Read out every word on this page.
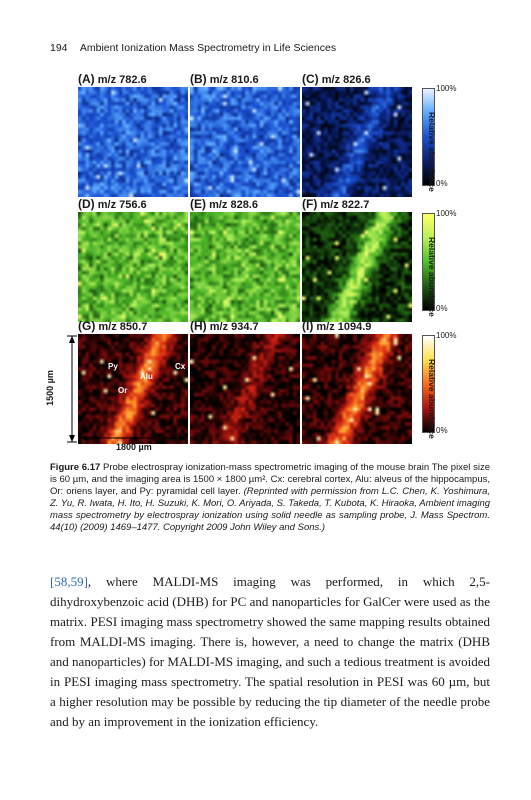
194 Ambient Ionization Mass Spectrometry in Life Sciences
(A) m/z 782.6	(B) m/z 810.6	(C) m/z 826.6
100%
0%
Relative abundance
(D) m/z 756.6	(E) m/z 828.6	(F) m/z 822.7
100%
0%
Relative abundance
(G) m/z 850.7	(H) m/z 934.7	(I) m/z 1094.9
100%
0%
Relative abundance
Py
Alu
Or
Cx
1500 µm
1800 µm
Figure 6.17 Probe electrospray ionization-mass spectrometric imaging of the mouse brain The pixel size is 60 µm, and the imaging area is 1500 × 1800 µm². Cx: cerebral cortex, Alu: alveus of the hippocampus, Or: oriens layer, and Py: pyramidal cell layer. (Reprinted with permission from L.C. Chen, K. Yoshimura, Z. Yu, R. Iwata, H. Ito, H. Suzuki, K. Mori, O. Ariyada, S. Takeda, T. Kubota, K. Hiraoka, Ambient imaging mass spectrometry by electrospray ionization using solid needle as sampling probe, J. Mass Spectrom. 44(10) (2009) 1469–1477. Copyright 2009 John Wiley and Sons.)
[58,59], where MALDI-MS imaging was performed, in which 2,5-dihydroxybenzoic acid (DHB) for PC and nanoparticles for GalCer were used as the matrix. PESI imaging mass spectrometry showed the same mapping results obtained from MALDI-MS imaging. There is, however, a need to change the matrix (DHB and nanoparticles) for MALDI-MS imaging, and such a tedious treatment is avoided in PESI imaging mass spectrometry. The spatial resolution in PESI was 60 µm, but a higher resolution may be possible by reducing the tip diameter of the needle probe and by an improvement in the ionization efficiency.
